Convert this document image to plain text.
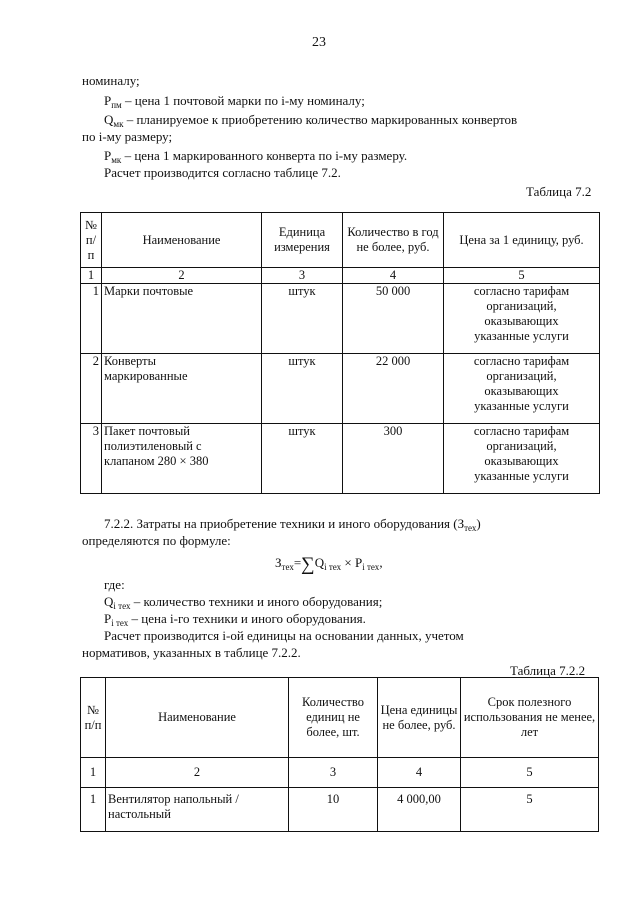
23
номиналу;
$P_{пм}$ – цена 1 почтовой марки по i-му номиналу;
$Q_{мк}$ – планируемое к приобретению количество маркированных конвертов
по i-му размеру;
$P_{мк}$ – цена 1 маркированного конверта по i-му размеру.
Расчет производится согласно таблице 7.2.
Таблица 7.2
№ п/п	Наименование	Единица измерения	Количество в год не более, руб.	Цена за 1 единицу, руб.
1	2	3	4	5
1	Марки почтовые	штук	50 000	согласно тарифам
организаций,
оказывающих
указанные услуги

2	Конверты
маркированные	штук	22 000	согласно тарифам
организаций,
оказывающих
указанные услуги

3	Пакет почтовый
полиэтиленовый с
клапаном 280 × 380	штук	300	согласно тарифам
организаций,
оказывающих
указанные услуги
7.2.2. Затраты на приобретение техники и иного оборудования $(З_{тех})$
определяются по формуле:
$З_{тех}=\sum Q_{i тех} \times P_{i тех}$,
где:
$Q_{i тех}$ – количество техники и иного оборудования;
$P_{i тех}$ – цена i-го техники и иного оборудования.
Расчет производится i-ой единицы на основании данных, учетом
нормативов, указанных в таблице 7.2.2.
Таблица 7.2.2
№ п/п	Наименование	Количество единиц не более, шт.	Цена единицы не более, руб.	Срок полезного использования не менее, лет
1	2	3	4	5
1	Вентилятор напольный /
настольный	10	4 000,00	5
